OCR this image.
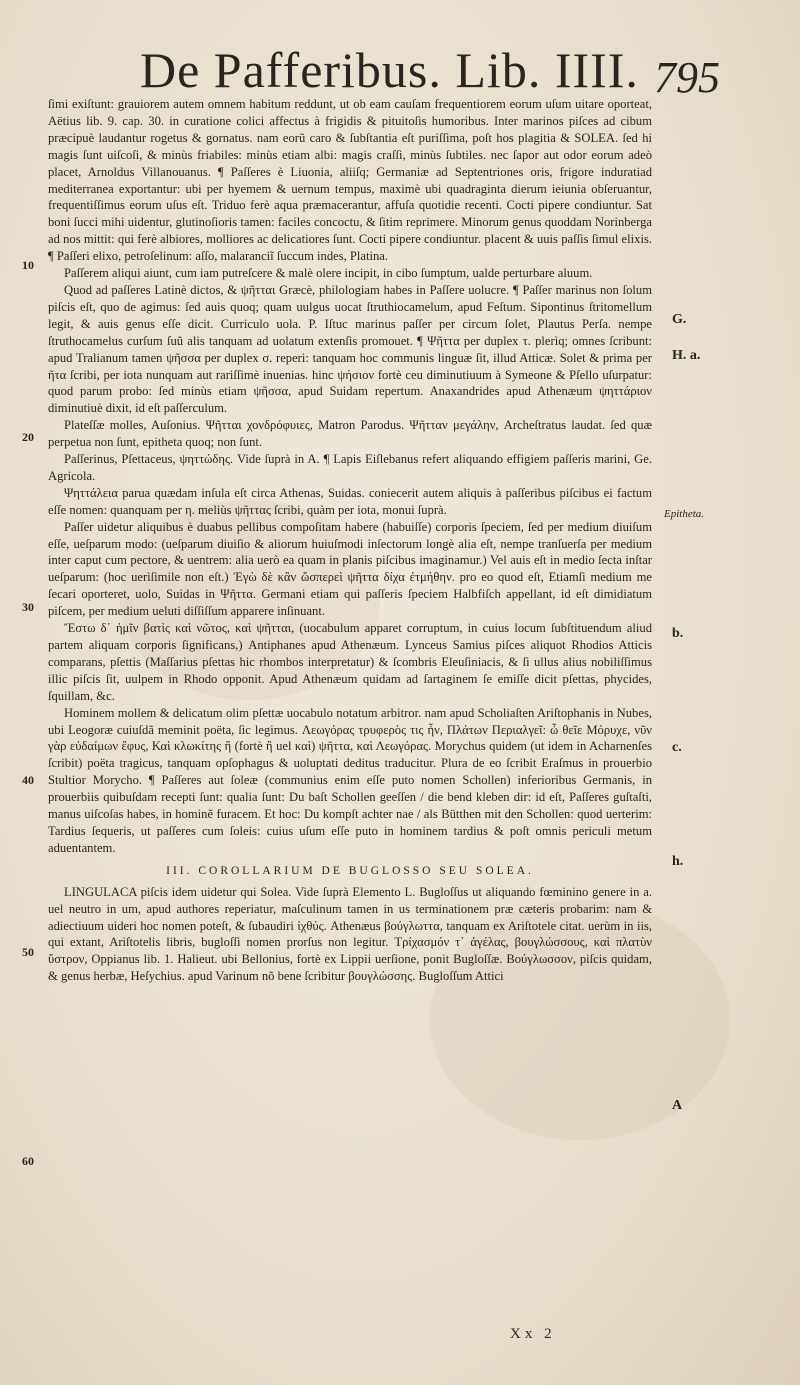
De Pafferibus. Lib. IIII. 795

ſimi exiſtunt: grauiorem autem omnem habitum reddunt, ut ob eam cauſam frequentiorem eorum uſum uitare oporteat, Aëtius lib. 9. cap. 30. in curatione colici affectus à frigidis & pituitoſis humoribus. Inter marinos piſces ad cibum præcipuè laudantur rogetus & gornatus. nam eorũ caro & ſubſtantia eſt puriſſima, poſt hos plagitia & SOLEA. ſed hi magis ſunt uiſcoſi, & minùs friabiles: minùs etiam albi: magis craſſi, minùs ſubtiles. nec ſapor aut odor eorum adeò placet, Arnoldus Villanouanus. ¶ Paſſeres è Liuonia, aliiſq; Germaniæ ad Septentriones oris, frigore induratiad mediterranea exportantur: ubi per hyemem & uernum tempus, maximè ubi quadraginta dierum ieiunia obſeruantur, frequentiſſimus eorum uſus eſt. Triduo ferè aqua præmacerantur, affuſa quotidie recenti. Cocti pipere condiuntur. Sat boni ſucci mihi uidentur, glutinoſioris tamen: faciles concoctu, & ſitim reprimere. Minorum genus quoddam Norinberga ad nos mittit: qui ferè albiores, molliores ac delicatiores ſunt. Cocti pipere condiuntur. placent & uuis paſſis ſimul elixis. ¶ Paſſeri elixo, petroſelinum: aſſo, malaranciĩ ſuccum indes, Platina.

Paſſerem aliqui aiunt, cum iam putreſcere & malè olere incipit, in cibo ſumptum, ualde perturbare aluum.

Quod ad paſſeres Latinè dictos, & ψῆτται Græcè, philologiam habes in Paſſere uolucre. ¶ Paſſer marinus non ſolum piſcis eſt, quo de agimus: ſed auis quoq; quam uulgus uocat ſtruthiocamelum, apud Feſtum. Sipontinus ſtritomellum legit, & auis genus eſſe dicit. Curriculo uola. P. Iſtuc marinus paſſer per circum ſolet, Plautus Perſa. nempe ſtruthocamelus curſum ſuũ alis tanquam ad uolatum extenſis promouet. ¶ Ψῆττα per duplex τ. plerìq; omnes ſcribunt: apud Tralianum tamen ψῆσσα per duplex σ. reperi: tanquam hoc communis linguæ ſit, illud Atticæ. Solet & prima per ῆτα ſcribi, per iota nunquam aut rariſſimè inuenias. hinc ψήσιον fortè ceu diminutiuum à Symeone & Pſello uſurpatur: quod parum probo: ſed minùs etiam ψῆσσα, apud Suidam repertum. Anaxandrides apud Athenæum ψηττάριον diminutiuè dixit, id eſt paſſerculum.

Plateſſæ molles, Auſonius. Ψῆτται χονδρόφυιες, Matron Parodus. Ψῆτταν μεγάλην, Archeſtratus laudat. ſed quæ perpetua non ſunt, epitheta quoq; non ſunt.

Paſſerinus, Pſettaceus, ψηττώδης. Vide ſuprà in A. ¶ Lapis Eiſlebanus refert aliquando effigiem paſſeris marini, Ge. Agricola.

Ψηττάλεια parua quædam inſula eſt circa Athenas, Suidas. coniecerit autem aliquis à paſſeribus piſcibus ei factum eſſe nomen: quanquam per η. meliùs ψῆττας ſcribi, quàm per iota, monui ſuprà.

Paſſer uidetur aliquibus è duabus pellibus compoſitam habere (habuiſſe) corporis ſpeciem, ſed per medium diuiſum eſſe, ueſparum modo: (ueſparum diuiſio & aliorum huiuſmodi inſectorum longè alia eſt, nempe tranſuerſa per medium inter caput cum pectore, & uentrem: alia uerò ea quam in planis piſcibus imaginamur.) Vel auis eſt in medio ſecta inſtar ueſparum: (hoc uerìſimile non eſt.) Ἐγὼ δὲ κἂν ὥσπερεὶ ψῆττα δίχα ἐτμήθην. pro eo quod eſt, Etiamſi medium me ſecari oporteret, uolo, Suidas in Ψῆττα. Germani etiam qui paſſeris ſpeciem Halbfiſch appellant, id eſt dimidiatum piſcem, per medium ueluti diſſiſſum apparere inſinuant.

Ἔστω δ᾽ ἡμῖν βατὶς καὶ νῶτος, καὶ ψῆτται, (uocabulum apparet corruptum, in cuius locum ſubſtituendum aliud partem aliquam corporis ſignificans,) Antiphanes apud Athenæum. Lynceus Samius piſces aliquot Rhodios Atticis comparans, pſettis (Maſſarius pſettas hic rhombos interpretatur) & ſcombris Eleuſiniacis, & ſi ullus alius nobiliſſimus illic piſcis ſit, uulpem in Rhodo opponit. Apud Athenæum quidam ad ſartaginem ſe emiſſe dicit pſettas, phycides, ſquillam, &c.

Hominem mollem & delicatum olim pſettæ uocabulo notatum arbitror. nam apud Scholiaſten Ariſtophanis in Nubes, ubi Leogoræ cuiuſdã meminit poëta, ſic legimus. Λεωγόρας τρυφερὸς τις ἦν, Πλάτων Περιαλγεῖ: ὦ θεῖε Μόρυχε, νῦν γὰρ εὐδαίμων ἔφυς, Καὶ κλωκίτης ἢ (fortè ἢ uel καὶ) ψῆττα, καὶ Λεωγόρας. Morychus quidem (ut idem in Acharnenſes ſcribit) poëta tragicus, tanquam opſophagus & uoluptati deditus traducitur. Plura de eo ſcribit Eraſmus in prouerbio Stultior Morycho. ¶ Paſſeres aut ſoleæ (communius enim eſſe puto nomen Schollen) inferioribus Germanis, in prouerbiis quibuſdam recepti ſunt: qualia ſunt: Du baſt Schollen geeſſen / die bend kleben dir: id eſt, Paſſeres guſtaſti, manus uiſcoſas habes, in hominẽ furacem. Et hoc: Du kompſt achter nae / als Bütthen mit den Schollen: quod uerterim: Tardius ſequeris, ut paſſeres cum ſoleis: cuius uſum eſſe puto in hominem tardius & poſt omnis periculi metum aduentantem.

III. COROLLARIUM DE BUGLOSSO SEU SOLEA.

LINGULACA piſcis idem uidetur qui Solea. Vide ſuprà Elemento L. Bugloſſus ut aliquando fœminino genere in a. uel neutro in um, apud authores reperiatur, maſculinum tamen in us terminationem præ cæteris probarim: nam & adiectiuum uideri hoc nomen poteſt, & ſubaudiri ἰχθύς. Athenæus βούγλωττα, tanquam ex Ariſtotele citat. uerùm in iis, qui extant, Ariſtotelis libris, bugloſſi nomen prorſus non legitur. Τρίχασμόν τ᾽ ἀγέλας, βουγλώσσους, καὶ πλατὺν ὕστρον, Oppianus lib. 1. Halieut. ubi Bellonius, fortè ex Lippii uerſione, ponit Bugloſſæ. Βούγλωσσον, piſcis quidam, & genus herbæ, Heſychius. apud Varinum nõ bene ſcribitur βουγλώσσης. Bugloſſum Attici

G.
H. a.
Epitheta.
b.
c.
h.
A
10
20
30
40
50
60
Xx 2
